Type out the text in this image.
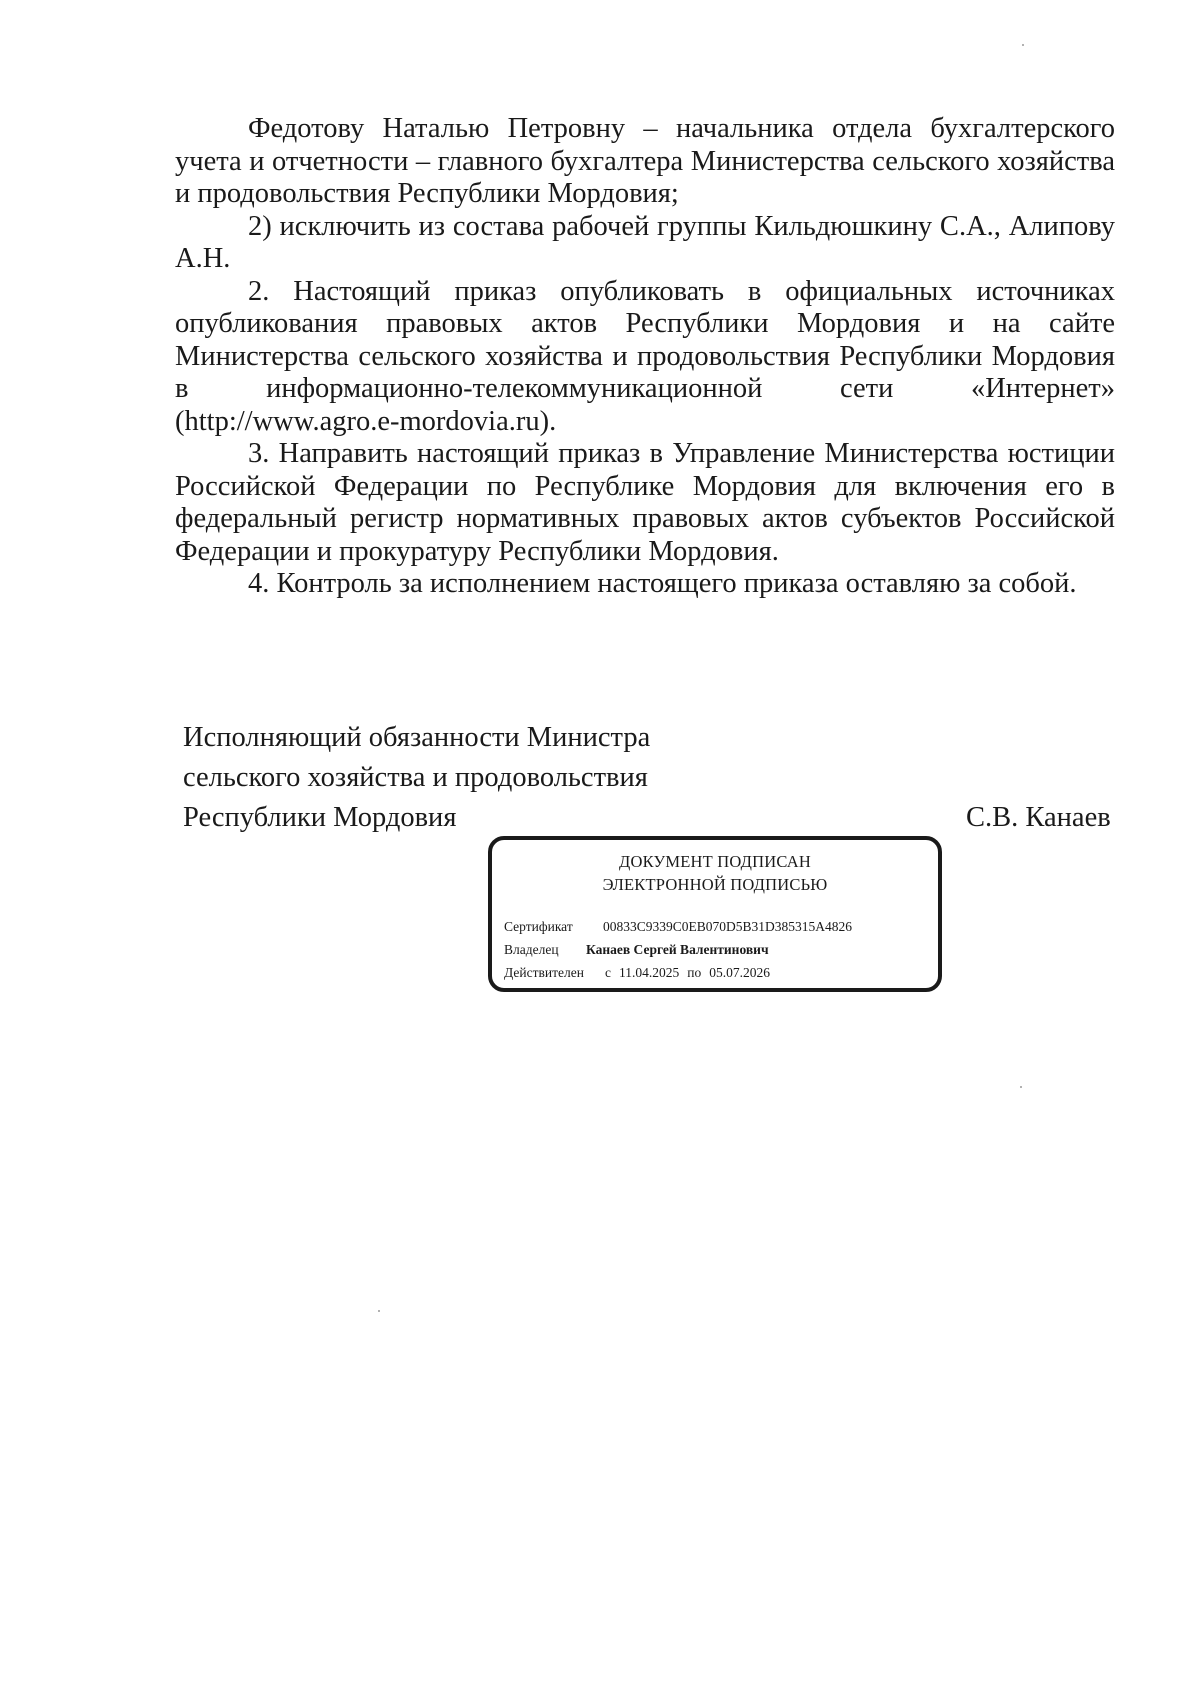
Федотову Наталью Петровну – начальника отдела бухгалтерского учета и отчетности – главного бухгалтера Министерства сельского хозяйства и продовольствия Республики Мордовия;

2) исключить из состава рабочей группы Кильдюшкину С.А., Алипову А.Н.

2. Настоящий приказ опубликовать в официальных источниках опубликования правовых актов Республики Мордовия и на сайте Министерства сельского хозяйства и продовольствия Республики Мордовия в информационно-телекоммуникационной сети «Интернет» (http://www.agro.e-mordovia.ru).

3. Направить настоящий приказ в Управление Министерства юстиции Российской Федерации по Республике Мордовия для включения его в федеральный регистр нормативных правовых актов субъектов Российской Федерации и прокуратуру Республики Мордовия.

4. Контроль за исполнением настоящего приказа оставляю за собой.

Исполняющий обязанности Министра
сельского хозяйства и продовольствия
Республики Мордовия	С.В. Канаев
ДОКУМЕНТ ПОДПИСАН
ЭЛЕКТРОННОЙ ПОДПИСЬЮ
Сертификат 00833C9339C0EB070D5B31D385315A4826
Владелец Канаев Сергей Валентинович
Действителен с 11.04.2025 по 05.07.2026
